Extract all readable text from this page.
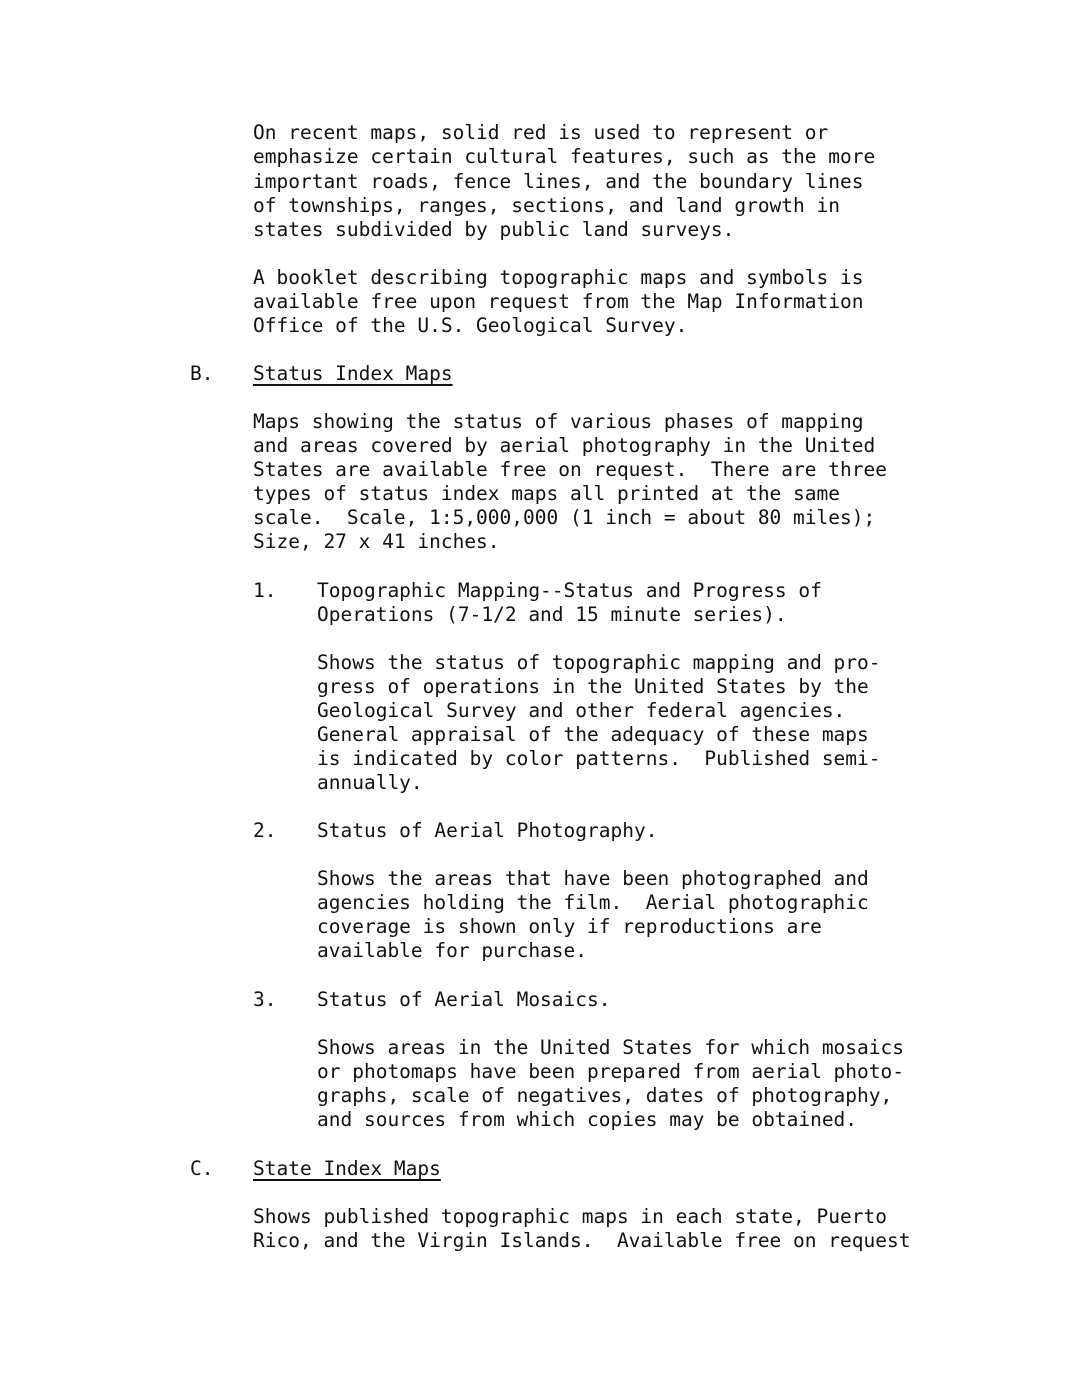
On recent maps, solid red is used to represent or
emphasize certain cultural features, such as the more
important roads, fence lines, and the boundary lines
of townships, ranges, sections, and land growth in
states subdivided by public land surveys.
A booklet describing topographic maps and symbols is
available free upon request from the Map Information
Office of the U.S. Geological Survey.
B. Status Index Maps
Maps showing the status of various phases of mapping
and areas covered by aerial photography in the United
States are available free on request.  There are three
types of status index maps all printed at the same
scale.  Scale, 1:5,000,000 (1 inch = about 80 miles);
Size, 27 x 41 inches.
1. Topographic Mapping--Status and Progress of
Operations (7-1/2 and 15 minute series).
Shows the status of topographic mapping and pro-
gress of operations in the United States by the
Geological Survey and other federal agencies.
General appraisal of the adequacy of these maps
is indicated by color patterns.  Published semi-
annually.
2. Status of Aerial Photography.
Shows the areas that have been photographed and
agencies holding the film.  Aerial photographic
coverage is shown only if reproductions are
available for purchase.
3. Status of Aerial Mosaics.
Shows areas in the United States for which mosaics
or photomaps have been prepared from aerial photo-
graphs, scale of negatives, dates of photography,
and sources from which copies may be obtained.
C. State Index Maps
Shows published topographic maps in each state, Puerto
Rico, and the Virgin Islands.  Available free on request
